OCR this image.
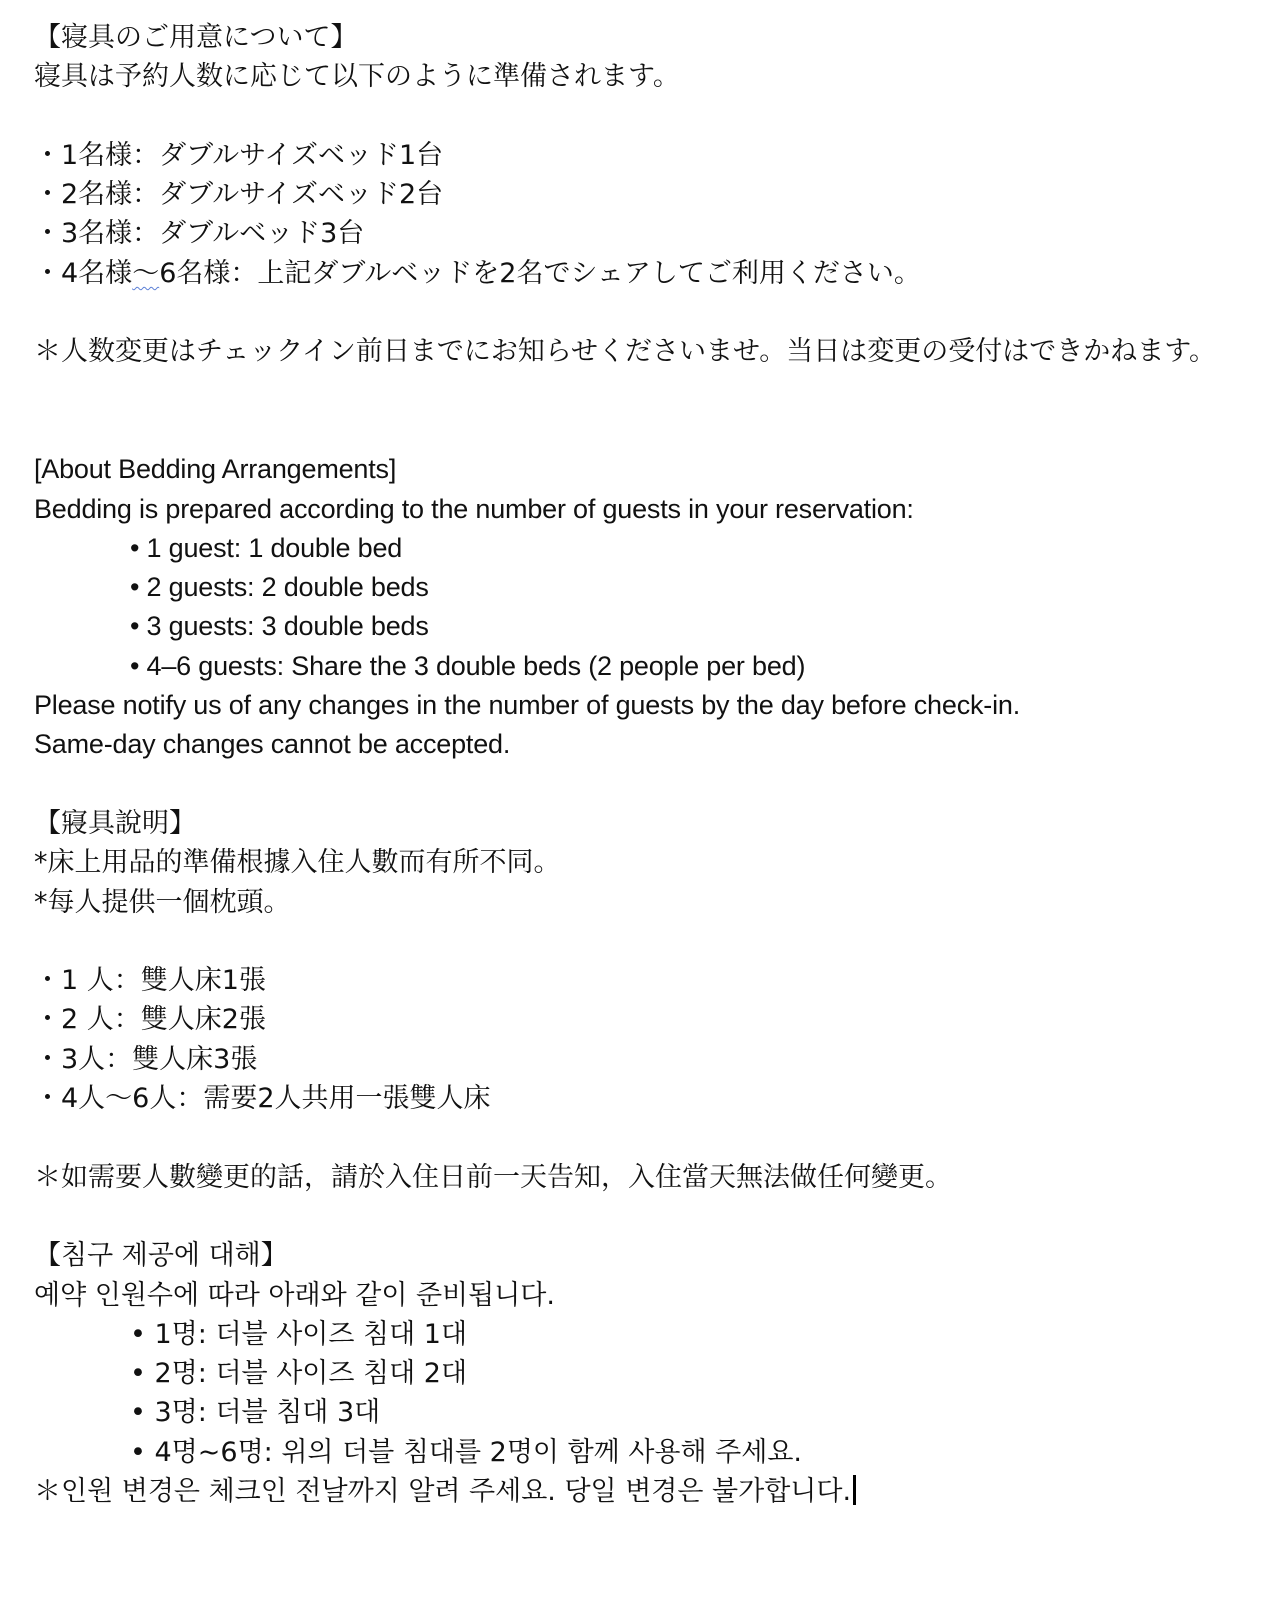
【寝具のご用意について】
寝具は予約人数に応じて以下のように準備されます。
・1名様：ダブルサイズベッド1台
・2名様：ダブルサイズベッド2台
・3名様：ダブルベッド3台
・4名様～6名様：上記ダブルベッドを2名でシェアしてご利用ください。
＊人数変更はチェックイン前日までにお知らせくださいませ。当日は変更の受付はできかねます。
[About Bedding Arrangements]
Bedding is prepared according to the number of guests in your reservation:
• 1 guest: 1 double bed
• 2 guests: 2 double beds
• 3 guests: 3 double beds
• 4–6 guests: Share the 3 double beds (2 people per bed)
Please notify us of any changes in the number of guests by the day before check-in.
Same-day changes cannot be accepted.
【寢具說明】
*床上用品的準備根據入住人數而有所不同。
*每人提供一個枕頭。
・1 人：雙人床1張
・2 人：雙人床2張
・3人：雙人床3張
・4人～6人：需要2人共用一張雙人床
＊如需要人數變更的話，請於入住日前一天告知，入住當天無法做任何變更。
【침구 제공에 대해】
예약 인원수에 따라 아래와 같이 준비됩니다.
• 1명: 더블 사이즈 침대 1대
• 2명: 더블 사이즈 침대 2대
• 3명: 더블 침대 3대
• 4명~6명: 위의 더블 침대를 2명이 함께 사용해 주세요.
＊인원 변경은 체크인 전날까지 알려 주세요. 당일 변경은 불가합니다.
